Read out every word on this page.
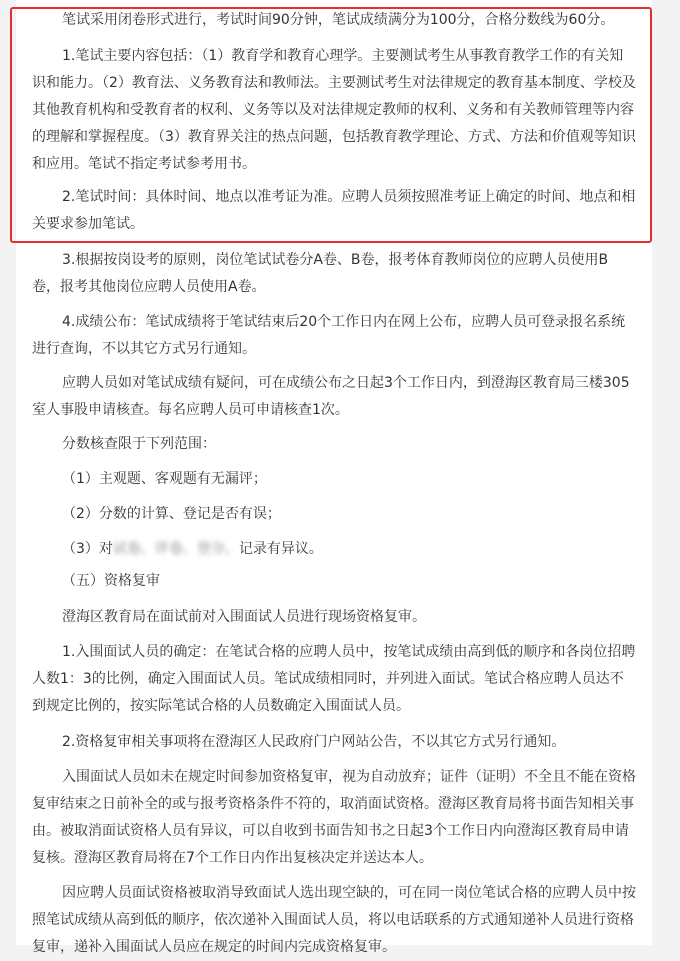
笔试采用闭卷形式进行，考试时间90分钟，笔试成绩满分为100分，合格分数线为60分。

1.笔试主要内容包括：（1）教育学和教育心理学。主要测试考生从事教育教学工作的有关知识和能力。（2）教育法、义务教育法和教师法。主要测试考生对法律规定的教育基本制度、学校及其他教育机构和受教育者的权利、义务等以及对法律规定教师的权利、义务和有关教师管理等内容的理解和掌握程度。（3）教育界关注的热点问题，包括教育教学理论、方式、方法和价值观等知识和应用。笔试不指定考试参考用书。

2.笔试时间：具体时间、地点以准考证为准。应聘人员须按照准考证上确定的时间、地点和相关要求参加笔试。

3.根据按岗设考的原则，岗位笔试试卷分A卷、B卷，报考体育教师岗位的应聘人员使用B卷，报考其他岗位应聘人员使用A卷。

4.成绩公布：笔试成绩将于笔试结束后20个工作日内在网上公布，应聘人员可登录报名系统进行查询，不以其它方式另行通知。

应聘人员如对笔试成绩有疑问，可在成绩公布之日起3个工作日内，到澄海区教育局三楼305室人事股申请核查。每名应聘人员可申请核查1次。

分数核查限于下列范围：

（1）主观题、客观题有无漏评；

（2）分数的计算、登记是否有误；

（3）对试卷、评卷、登分、记录有异议。

（五）资格复审

澄海区教育局在面试前对入围面试人员进行现场资格复审。

1.入围面试人员的确定：在笔试合格的应聘人员中，按笔试成绩由高到低的顺序和各岗位招聘人数1：3的比例，确定入围面试人员。笔试成绩相同时，并列进入面试。笔试合格应聘人员达不到规定比例的，按实际笔试合格的人员数确定入围面试人员。

2.资格复审相关事项将在澄海区人民政府门户网站公告，不以其它方式另行通知。

入围面试人员如未在规定时间参加资格复审，视为自动放弃；证件（证明）不全且不能在资格复审结束之日前补全的或与报考资格条件不符的，取消面试资格。澄海区教育局将书面告知相关事由。被取消面试资格人员有异议，可以自收到书面告知书之日起3个工作日内向澄海区教育局申请复核。澄海区教育局将在7个工作日内作出复核决定并送达本人。

因应聘人员面试资格被取消导致面试人选出现空缺的，可在同一岗位笔试合格的应聘人员中按照笔试成绩从高到低的顺序，依次递补入围面试人员，将以电话联系的方式通知递补人员进行资格复审，递补入围面试人员应在规定的时间内完成资格复审。
